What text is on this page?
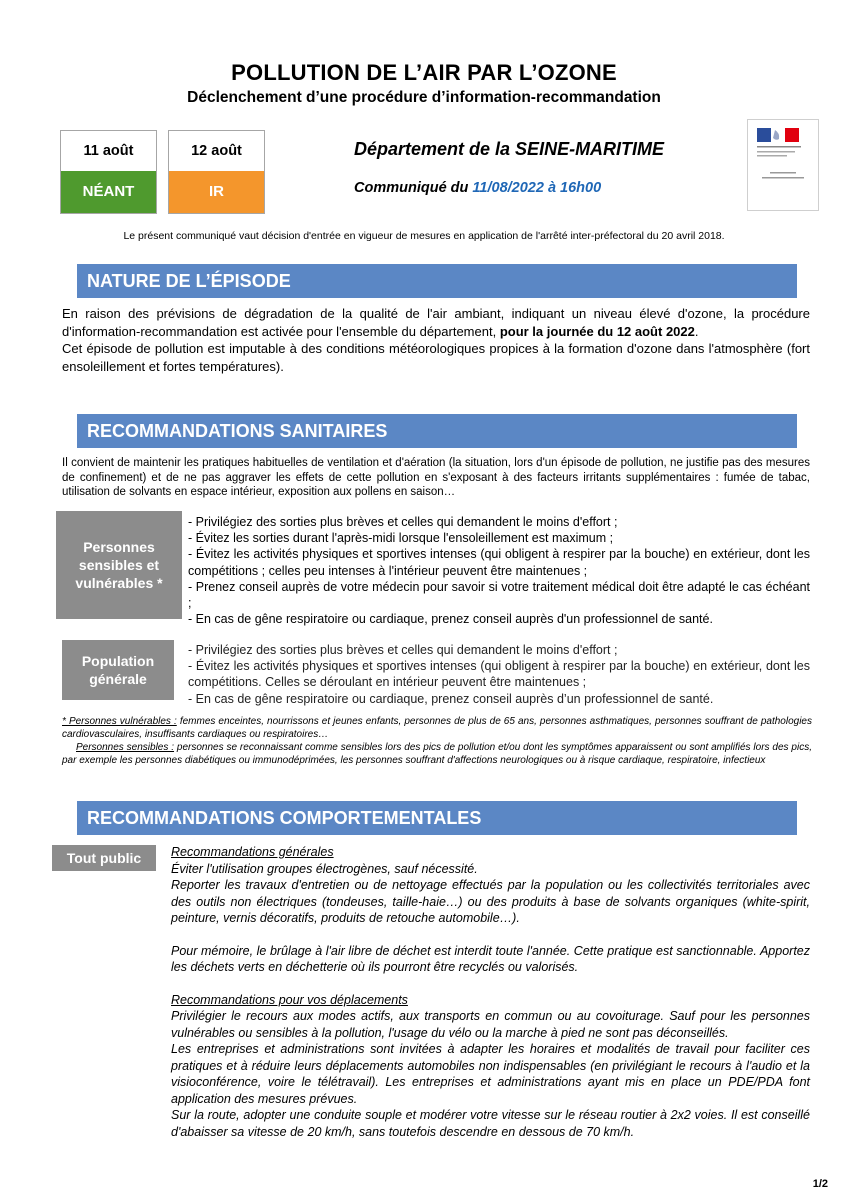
POLLUTION DE L’AIR PAR L’OZONE
Déclenchement d’une procédure d’information-recommandation
11 août
NÉANT
12 août
IR
Département de la SEINE-MARITIME
Communiqué du 11/08/2022 à 16h00
Le présent communiqué vaut décision d'entrée en vigueur de mesures en application de l'arrêté inter-préfectoral du 20 avril 2018.
NATURE DE L’ÉPISODE
En raison des prévisions de dégradation de la qualité de l'air ambiant, indiquant un niveau élevé d'ozone, la procédure d'information-recommandation est activée pour l'ensemble du département, pour la journée du 12 août 2022.
Cet épisode de pollution est imputable à des conditions météorologiques propices à la formation d'ozone dans l'atmosphère (fort ensoleillement et fortes températures).
RECOMMANDATIONS SANITAIRES
Il convient de maintenir les pratiques habituelles de ventilation et d'aération (la situation, lors d'un épisode de pollution, ne justifie pas des mesures de confinement) et de ne pas aggraver les effets de cette pollution en s'exposant à des facteurs irritants supplémentaires : fumée de tabac, utilisation de solvants en espace intérieur, exposition aux pollens en saison…
Personnes sensibles et vulnérables *
- Privilégiez des sorties plus brèves et celles qui demandent le moins d'effort ;
- Évitez les sorties durant l'après-midi lorsque l'ensoleillement est maximum ;
- Évitez les activités physiques et sportives intenses (qui obligent à respirer par la bouche) en extérieur, dont les compétitions ; celles peu intenses à l'intérieur peuvent être maintenues ;
- Prenez conseil auprès de votre médecin pour savoir si votre traitement médical doit être adapté le cas échéant ;
- En cas de gêne respiratoire ou cardiaque, prenez conseil auprès d'un professionnel de santé.
Population générale
- Privilégiez des sorties plus brèves et celles qui demandent le moins d'effort ;
- Évitez les activités physiques et sportives intenses (qui obligent à respirer par la bouche) en extérieur, dont les compétitions. Celles se déroulant en intérieur peuvent être maintenues ;
- En cas de gêne respiratoire ou cardiaque, prenez conseil auprès d’un professionnel de santé.
* Personnes vulnérables : femmes enceintes, nourrissons et jeunes enfants, personnes de plus de 65 ans, personnes asthmatiques, personnes souffrant de pathologies cardiovasculaires, insuffisants cardiaques ou respiratoires…
Personnes sensibles : personnes se reconnaissant comme sensibles lors des pics de pollution et/ou dont les symptômes apparaissent ou sont amplifiés lors des pics, par exemple les personnes diabétiques ou immunodéprimées, les personnes souffrant d'affections neurologiques ou à risque cardiaque, respiratoire, infectieux
RECOMMANDATIONS COMPORTEMENTALES
Tout public	Recommandations générales
Éviter l'utilisation groupes électrogènes, sauf nécessité.
Reporter les travaux d'entretien ou de nettoyage effectués par la population ou les collectivités territoriales avec des outils non électriques (tondeuses, taille-haie…) ou des produits à base de solvants organiques (white-spirit, peinture, vernis décoratifs, produits de retouche automobile…).
Pour mémoire, le brûlage à l'air libre de déchet est interdit toute l'année. Cette pratique est sanctionnable. Apportez les déchets verts en déchetterie où ils pourront être recyclés ou valorisés.
Recommandations pour vos déplacements
Privilégier le recours aux modes actifs, aux transports en commun ou au covoiturage. Sauf pour les personnes vulnérables ou sensibles à la pollution, l'usage du vélo ou la marche à pied ne sont pas déconseillés.
Les entreprises et administrations sont invitées à adapter les horaires et modalités de travail pour faciliter ces pratiques et à réduire leurs déplacements automobiles non indispensables (en privilégiant le recours à l'audio et la visioconférence, voire le télétravail). Les entreprises et administrations ayant mis en place un PDE/PDA font application des mesures prévues.
Sur la route, adopter une conduite souple et modérer votre vitesse sur le réseau routier à 2x2 voies. Il est conseillé d'abaisser sa vitesse de 20 km/h, sans toutefois descendre en dessous de 70 km/h.
1/2
